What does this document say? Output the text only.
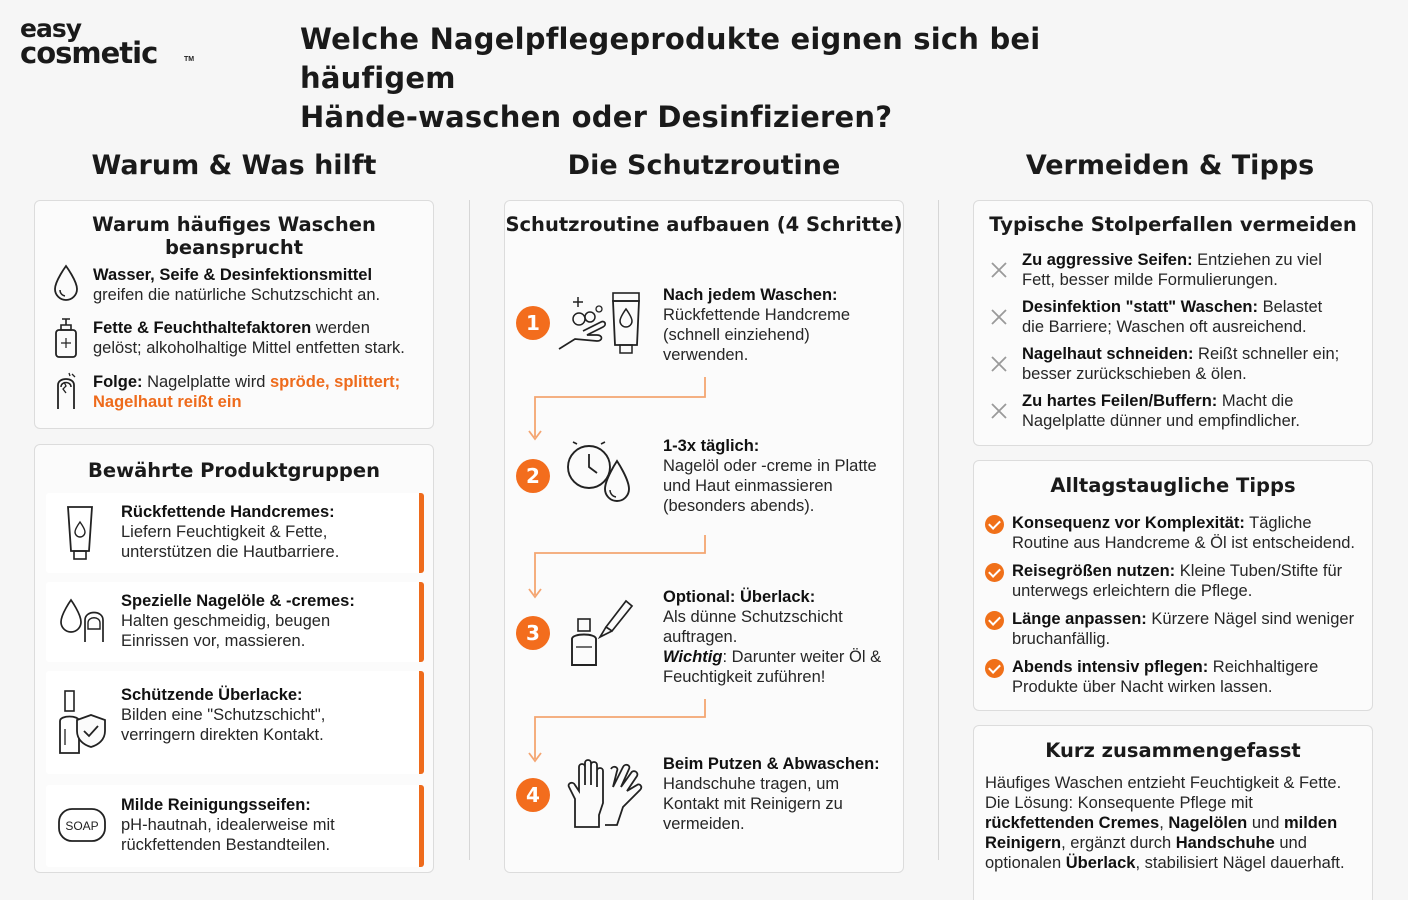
easy
cosmetic	TM
Welche Nagelpflegeprodukte eignen sich bei häufigem
Hände-waschen oder Desinfizieren?
Warum & Was hilft	Die Schutzroutine	Vermeiden & Tipps
Warum häufiges Waschen beansprucht
Wasser, Seife & Desinfektionsmittel
greifen die natürliche Schutzschicht an.
Fette & Feuchthaltefaktoren werden
gelöst; alkoholhaltige Mittel entfetten stark.
Folge: Nagelplatte wird spröde, splittert;
Nagelhaut reißt ein
Bewährte Produktgruppen
Rückfettende Handcremes:
Liefern Feuchtigkeit & Fette,
unterstützen die Hautbarriere.
Spezielle Nagelöle & -cremes:
Halten geschmeidig, beugen
Einrissen vor, massieren.
Schützende Überlacke:
Bilden eine "Schutzschicht",
verringern direkten Kontakt.
SOAP
Milde Reinigungsseifen:
pH-hautnah, idealerweise mit
rückfettenden Bestandteilen.
Schutzroutine aufbauen (4 Schritte)
1
Nach jedem Waschen:
Rückfettende Handcreme
(schnell einziehend)
verwenden.
2
1-3x täglich:
Nagelöl oder -creme in Platte
und Haut einmassieren
(besonders abends).
3
Optional: Überlack:
Als dünne Schutzschicht
auftragen.
Wichtig: Darunter weiter Öl &
Feuchtigkeit zuführen!
4
Beim Putzen & Abwaschen:
Handschuhe tragen, um
Kontakt mit Reinigern zu
vermeiden.
Typische Stolperfallen vermeiden
Zu aggressive Seifen: Entziehen zu viel
Fett, besser milde Formulierungen.
Desinfektion "statt" Waschen: Belastet
die Barriere; Waschen oft ausreichend.
Nagelhaut schneiden: Reißt schneller ein;
besser zurückschieben & ölen.
Zu hartes Feilen/Buffern: Macht die
Nagelplatte dünner und empfindlicher.
Alltagstaugliche Tipps
Konsequenz vor Komplexität: Tägliche
Routine aus Handcreme & Öl ist entscheidend.
Reisegrößen nutzen: Kleine Tuben/Stifte für
unterwegs erleichtern die Pflege.
Länge anpassen: Kürzere Nägel sind weniger
bruchanfällig.
Abends intensiv pflegen: Reichhaltigere
Produkte über Nacht wirken lassen.
Kurz zusammengefasst
Häufiges Waschen entzieht Feuchtigkeit & Fette.
Die Lösung: Konsequente Pflege mit
rückfettenden Cremes, Nagelölen und milden
Reinigern, ergänzt durch Handschuhe und
optionalen Überlack, stabilisiert Nägel dauerhaft.
